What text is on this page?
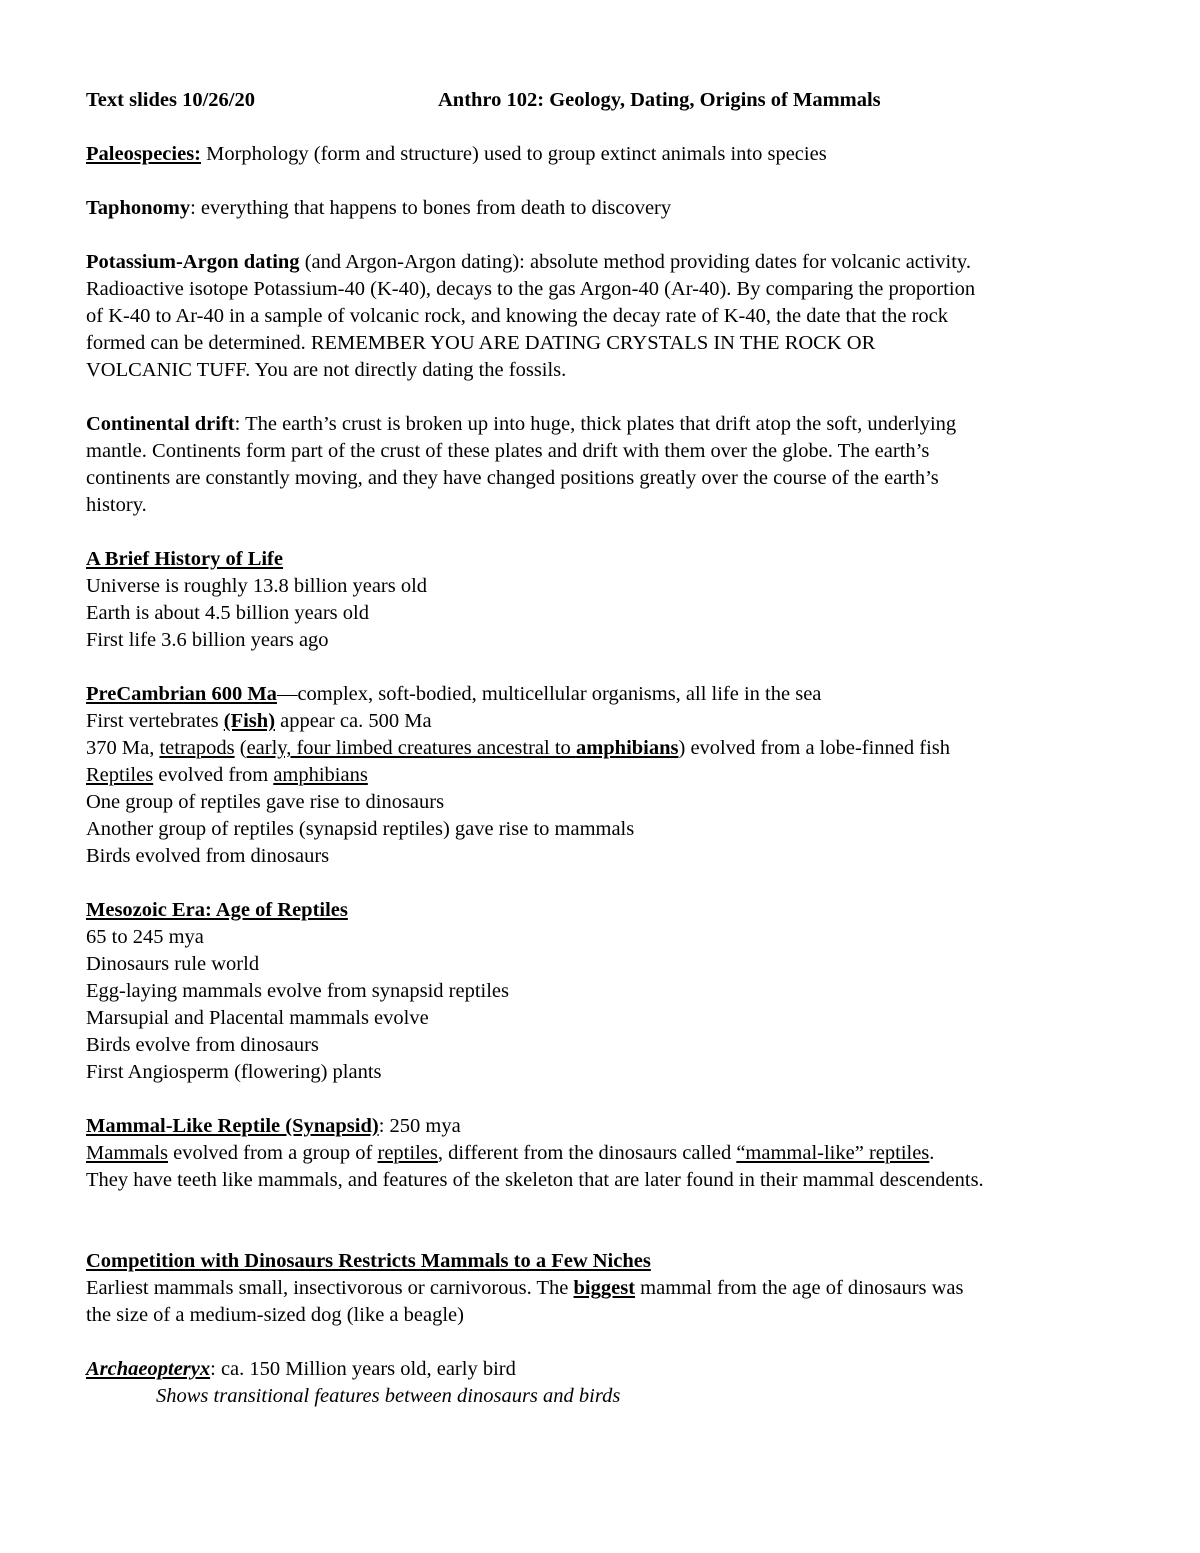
Text slides 10/26/20	Anthro 102: Geology, Dating, Origins of Mammals

Paleospecies: Morphology (form and structure) used to group extinct animals into species

Taphonomy: everything that happens to bones from death to discovery

Potassium-Argon dating (and Argon-Argon dating): absolute method providing dates for volcanic activity.

Radioactive isotope Potassium-40 (K-40), decays to the gas Argon-40 (Ar-40). By comparing the proportion

of K-40 to Ar-40 in a sample of volcanic rock, and knowing the decay rate of K-40, the date that the rock

formed can be determined. REMEMBER YOU ARE DATING CRYSTALS IN THE ROCK OR

VOLCANIC TUFF. You are not directly dating the fossils.

Continental drift: The earth’s crust is broken up into huge, thick plates that drift atop the soft, underlying

mantle. Continents form part of the crust of these plates and drift with them over the globe. The earth’s

continents are constantly moving, and they have changed positions greatly over the course of the earth’s

history.

A Brief History of Life

Universe is roughly 13.8 billion years old

Earth is about 4.5 billion years old

First life 3.6 billion years ago

PreCambrian 600 Ma—complex, soft-bodied, multicellular organisms, all life in the sea

First vertebrates (Fish) appear ca. 500 Ma

370 Ma, tetrapods (early, four limbed creatures ancestral to amphibians) evolved from a lobe-finned fish

Reptiles evolved from amphibians

One group of reptiles gave rise to dinosaurs

Another group of reptiles (synapsid reptiles) gave rise to mammals

Birds evolved from dinosaurs

Mesozoic Era: Age of Reptiles

65 to 245 mya

Dinosaurs rule world

Egg-laying mammals evolve from synapsid reptiles

Marsupial and Placental mammals evolve

Birds evolve from dinosaurs

First Angiosperm (flowering) plants

Mammal-Like Reptile (Synapsid): 250 mya

Mammals evolved from a group of reptiles, different from the dinosaurs called “mammal-like” reptiles.

They have teeth like mammals, and features of the skeleton that are later found in their mammal descendents.

Competition with Dinosaurs Restricts Mammals to a Few Niches

Earliest mammals small, insectivorous or carnivorous. The biggest mammal from the age of dinosaurs was

the size of a medium-sized dog (like a beagle)

Archaeopteryx: ca. 150 Million years old, early bird

Shows transitional features between dinosaurs and birds
